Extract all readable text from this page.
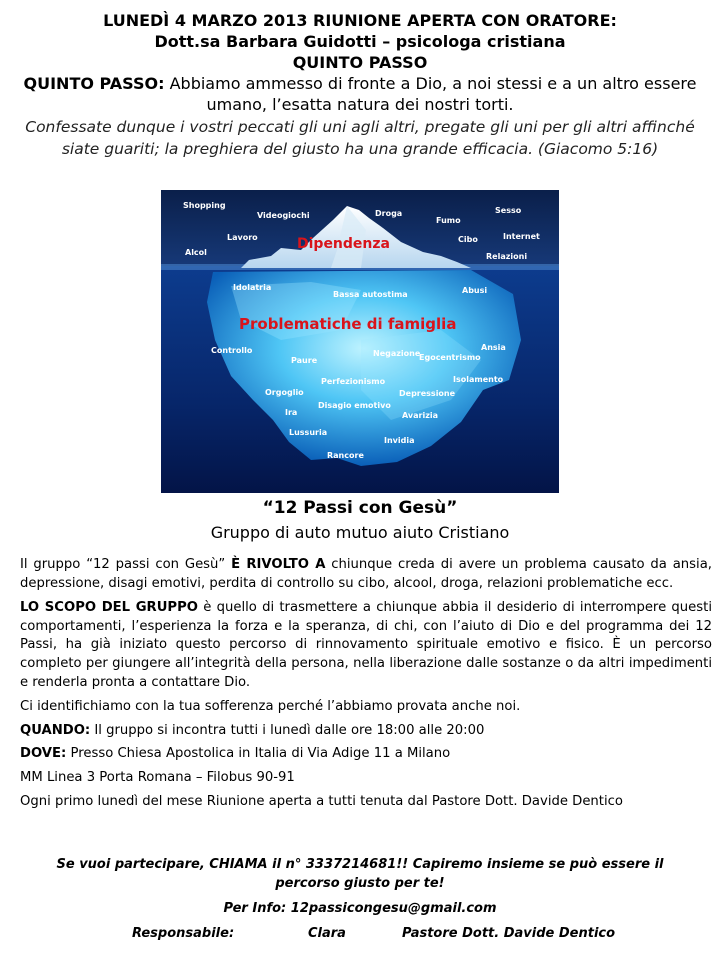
LUNEDÌ 4 MARZO 2013 RIUNIONE APERTA CON ORATORE:
Dott.sa Barbara Guidotti – psicologa cristiana
QUINTO PASSO
QUINTO PASSO: Abbiamo ammesso di fronte a Dio, a noi stessi e a un altro essere umano, l’esatta natura dei nostri torti.
Confessate dunque i vostri peccati gli uni agli altri, pregate gli uni per gli altri affinché siate guariti; la preghiera del giusto ha una grande efficacia. (Giacomo 5:16)
Shopping
Videogiochi	Droga
Fumo
Sesso
Lavoro	Cibo	Internet
Alcol	Relazioni
Dipendenza
Idolatria
Bassa autostima	Abusi
Problematiche di famiglia
Controllo	Negazione
Ansia
Paure	Egocentrismo
Perfezionismo	Isolamento
Orgoglio	Depressione
Ira
Disagio emotivo
Avarizia
Lussuria
Invidia
Rancore
“12 Passi con Gesù”
Gruppo di auto mutuo aiuto Cristiano

Il gruppo “12 passi con Gesù” È RIVOLTO A chiunque creda di avere un problema causato da ansia, depressione, disagi emotivi, perdita di controllo su cibo, alcool, droga, relazioni problematiche ecc.

LO SCOPO DEL GRUPPO è quello di trasmettere a chiunque abbia il desiderio di interrompere questi comportamenti, l’esperienza la forza e la speranza, di chi, con l’aiuto di Dio e del programma dei 12 Passi, ha già iniziato questo percorso di rinnovamento spirituale emotivo e fisico. È un percorso completo per giungere all’integrità della persona, nella liberazione dalle sostanze o da altri impedimenti e renderla pronta a contattare Dio.

Ci identifichiamo con la tua sofferenza perché l’abbiamo provata anche noi.

QUANDO: Il gruppo si incontra tutti i lunedì dalle ore 18:00 alle 20:00

DOVE: Presso Chiesa Apostolica in Italia di Via Adige 11 a Milano

MM Linea 3 Porta Romana – Filobus 90-91

Ogni primo lunedì del mese Riunione aperta a tutti tenuta dal Pastore Dott. Davide Dentico

Se vuoi partecipare, CHIAMA il n° 3337214681!! Capiremo insieme se può essere il percorso giusto per te!
Per Info: 12passicongesu@gmail.com
Responsabile:	Clara	Pastore Dott. Davide Dentico
